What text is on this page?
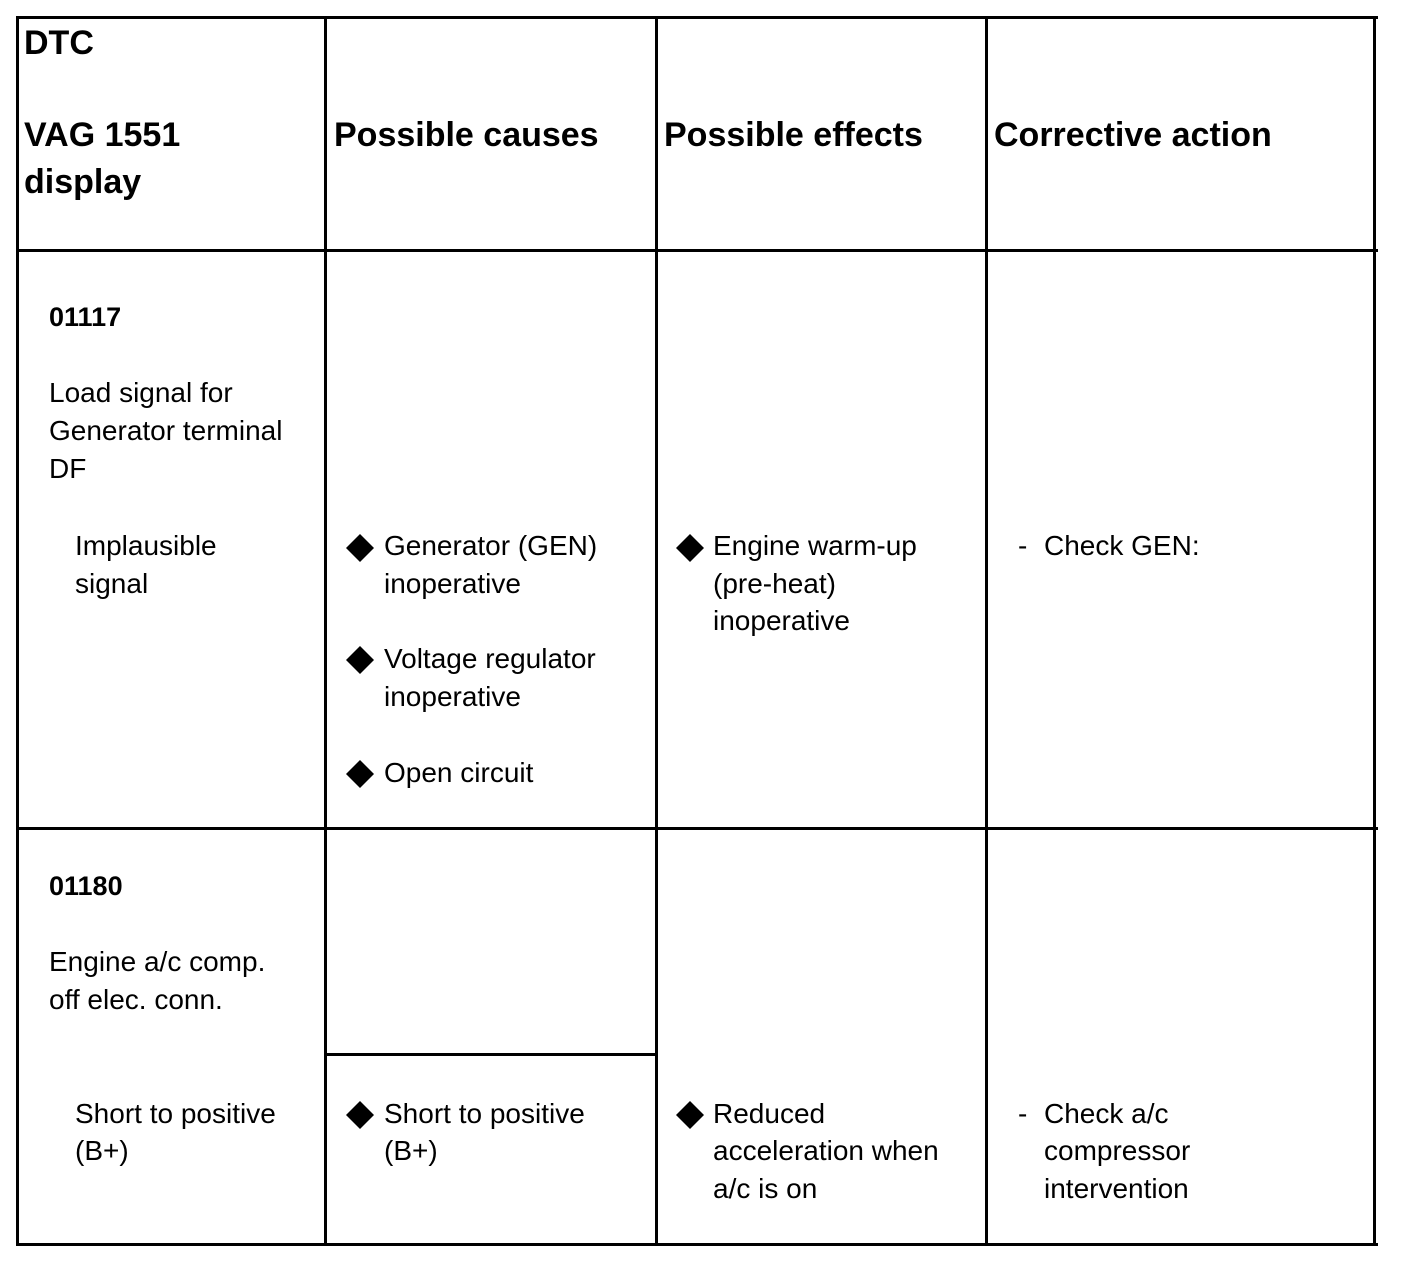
DTC
VAG 1551
display
Possible causes Possible effects Corrective action
01117
Load signal for
Generator terminal
DF
Implausible
signal
Generator (GEN)
inoperative
Voltage regulator
inoperative
Open circuit
Engine warm-up
(pre-heat)
inoperative
- Check GEN:
01180
Engine a/c comp.
off elec. conn.
Short to positive
(B+)
Short to positive
(B+)
Reduced
acceleration when
a/c is on
- Check a/c
compressor
intervention
